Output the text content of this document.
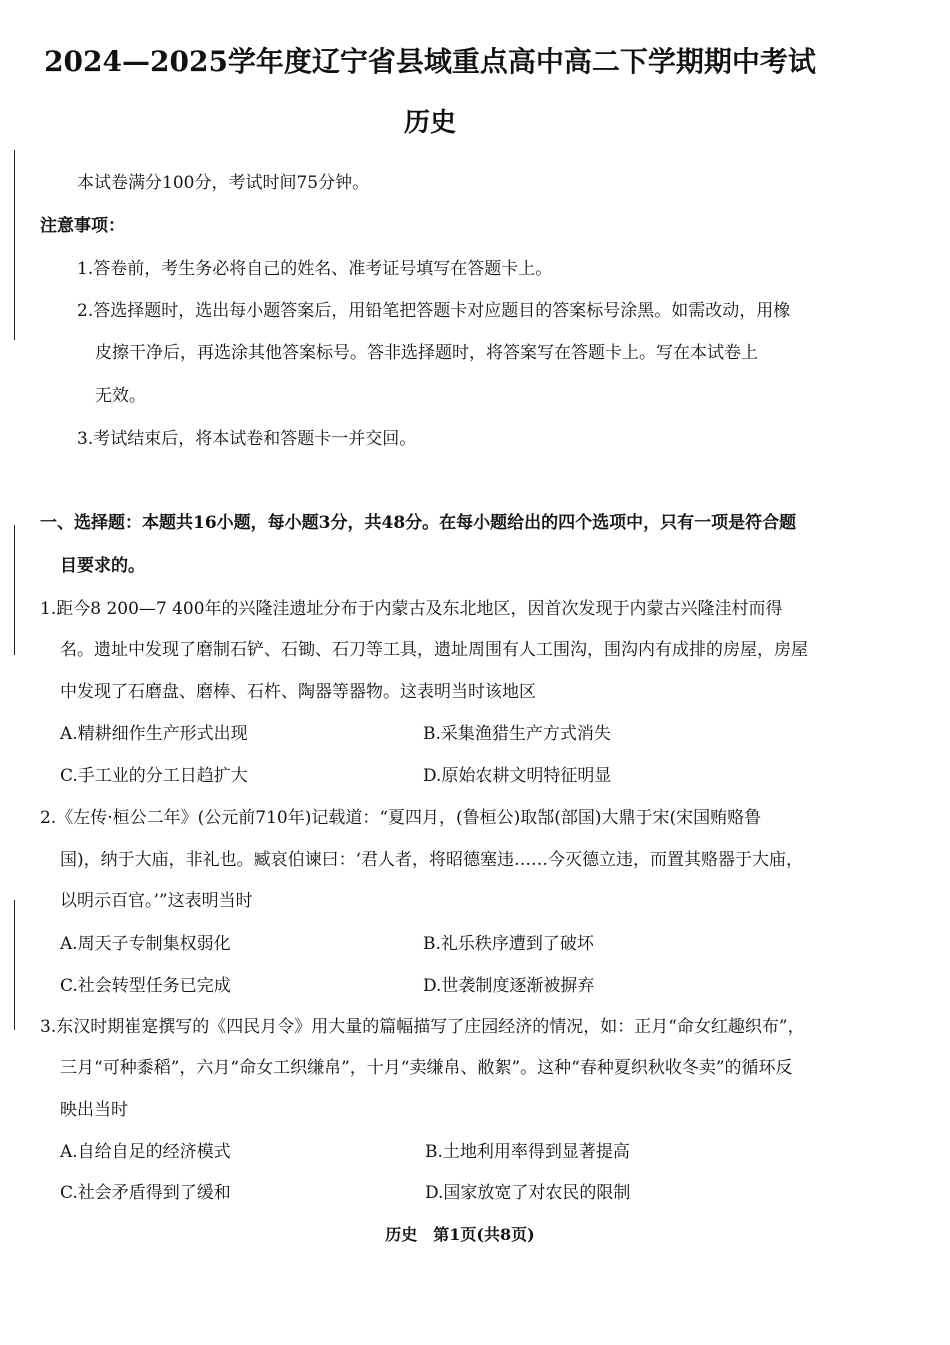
2024—2025学年度辽宁省县域重点高中高二下学期期中考试
历史
本试卷满分100分，考试时间75分钟。
注意事项：
1.答卷前，考生务必将自己的姓名、准考证号填写在答题卡上。
2.答选择题时，选出每小题答案后，用铅笔把答题卡对应题目的答案标号涂黑。如需改动，用橡
皮擦干净后，再选涂其他答案标号。答非选择题时，将答案写在答题卡上。写在本试卷上
无效。
3.考试结束后，将本试卷和答题卡一并交回。
一、选择题：本题共16小题，每小题3分，共48分。在每小题给出的四个选项中，只有一项是符合题
目要求的。
1.距今8 200—7 400年的兴隆洼遗址分布于内蒙古及东北地区，因首次发现于内蒙古兴隆洼村而得
名。遗址中发现了磨制石铲、石锄、石刀等工具，遗址周围有人工围沟，围沟内有成排的房屋，房屋
中发现了石磨盘、磨棒、石杵、陶器等器物。这表明当时该地区
A.精耕细作生产形式出现	B.采集渔猎生产方式消失
C.手工业的分工日趋扩大	D.原始农耕文明特征明显
2.《左传·桓公二年》(公元前710年)记载道：“夏四月，(鲁桓公)取郜(部国)大鼎于宋(宋国贿赂鲁
国)，纳于大庙，非礼也。臧哀伯谏曰：‘君人者，将昭德塞违……今灭德立违，而置其赂器于大庙，
以明示百官。’”这表明当时
A.周天子专制集权弱化	B.礼乐秩序遭到了破坏
C.社会转型任务已完成	D.世袭制度逐渐被摒弃
3.东汉时期崔寔撰写的《四民月令》用大量的篇幅描写了庄园经济的情况，如：正月“命女红趣织布”，
三月“可种黍稻”，六月“命女工织缣帛”，十月“卖缣帛、敝絮”。这种“春种夏织秋收冬卖”的循环反
映出当时
A.自给自足的经济模式	B.土地利用率得到显著提高
C.社会矛盾得到了缓和	D.国家放宽了对农民的限制
历史　第1页(共8页)
